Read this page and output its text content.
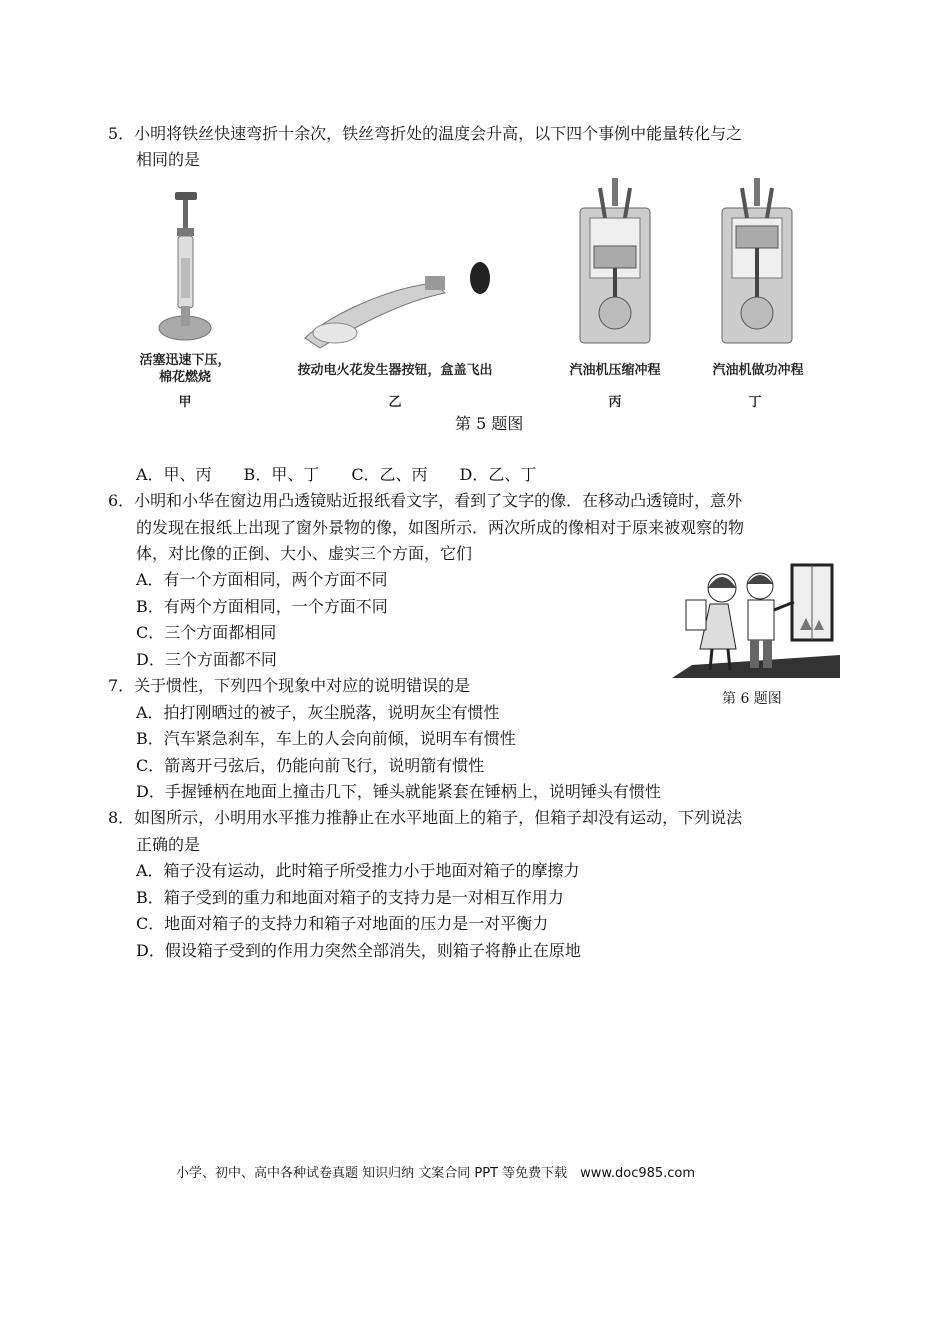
5．小明将铁丝快速弯折十余次，铁丝弯折处的温度会升高，以下四个事例中能量转化与之
相同的是
活塞迅速下压，
棉花燃烧
甲
按动电火花发生器按钮，盒盖飞出
乙
汽油机压缩冲程
丙
汽油机做功冲程
丁
第 5 题图
A．甲、丙　　B．甲、丁　　C．乙、丙　　D．乙、丁
6．小明和小华在窗边用凸透镜贴近报纸看文字，看到了文字的像．在移动凸透镜时，意外
的发现在报纸上出现了窗外景物的像，如图所示．两次所成的像相对于原来被观察的物
体，对比像的正倒、大小、虚实三个方面，它们
A．有一个方面相同，两个方面不同
B．有两个方面相同，一个方面不同
C．三个方面都相同
D．三个方面都不同
第 6 题图
7．关于惯性，下列四个现象中对应的说明错误的是
A．拍打刚晒过的被子，灰尘脱落，说明灰尘有惯性
B．汽车紧急刹车，车上的人会向前倾，说明车有惯性
C．箭离开弓弦后，仍能向前飞行，说明箭有惯性
D．手握锤柄在地面上撞击几下，锤头就能紧套在锤柄上，说明锤头有惯性
8．如图所示，小明用水平推力推静止在水平地面上的箱子，但箱子却没有运动，下列说法
正确的是
A．箱子没有运动，此时箱子所受推力小于地面对箱子的摩擦力
B．箱子受到的重力和地面对箱子的支持力是一对相互作用力
C．地面对箱子的支持力和箱子对地面的压力是一对平衡力
D．假设箱子受到的作用力突然全部消失，则箱子将静止在原地
小学、初中、高中各种试卷真题 知识归纳 文案合同 PPT 等免费下载　www.doc985.com
